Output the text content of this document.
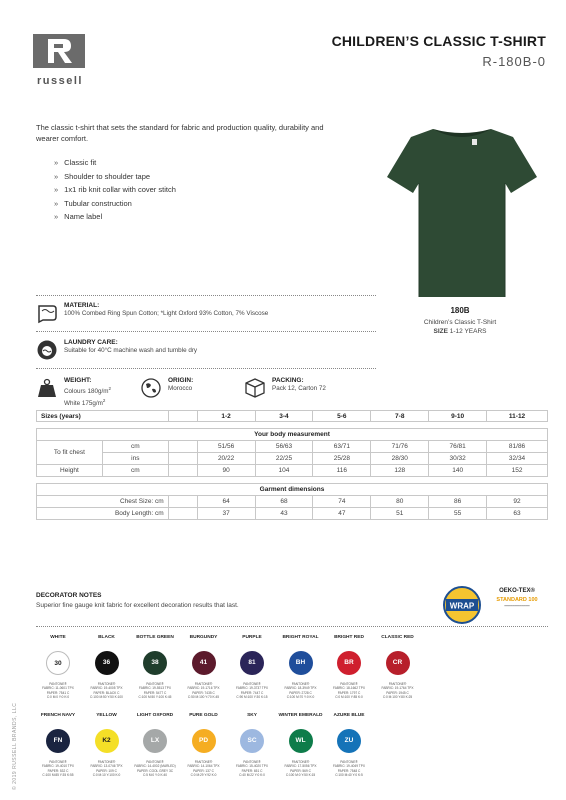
russell
CHILDREN’S CLASSIC T-SHIRT
R-180B-0

The classic t-shirt that sets the standard for fabric and production quality, durability and wearer comfort.

» Classic fit
» Shoulder to shoulder tape
» 1x1 rib knit collar with cover stitch
» Tubular construction
» Name label
180B
Children’s Classic T-Shirt
SIZE 1-12 YEARS
MATERIAL:
100% Combed Ring Spun Cotton; *Light Oxford 93% Cotton, 7% Viscose
LAUNDRY CARE:
Suitable for 40°C machine wash and tumble dry
WEIGHT:
Colours $180g/m^2$
White $175g/m^2$
ORIGIN:
Morocco
PACKING:
Pack 12, Carton 72
Sizes (years)			1-2	3-4	5-6	7-8	9-10	11-12

Your body measurement								
To fit chest	cm		51/56	56/63	63/71	71/76	76/81	81/86
	ins		20/22	22/25	25/28	28/30	30/32	32/34
Height	cm		90	104	116	128	140	152

Garment dimensions								
Chest Size: cm			64	68	74	80	86	92
Body Length: cm			37	43	47	51	55	63
DECORATOR NOTES
Superior fine gauge knit fabric for excellent decoration results that last.	WRAP
OEKO-TEX®
STANDARD 100
━━━━━━━━━━━━
WHITE
30
PANTONE®
FABRIC: 11-0601 TPX
PAPER: 7541 C
C:0 M:0 Y:0 K:0
BLACK
36
PANTONE®
FABRIC: 19-4005 TPX
PAPER: BLACK C
C:100 M:50 Y:50 K:100
BOTTLE GREEN
38
PANTONE®
FABRIC: 19-5513 TPX
PAPER: 5477 C
C:100 M:50 Y:100 K:45
BURGUNDY
41
PANTONE®
FABRIC: 19-1716 TPX
PAPER: 7435 C
C:50 M:100 Y:70 K:45
PURPLE
81
PANTONE®
FABRIC: 19-3737 TPX
PAPER: 7447 C
C:90 M:100 Y:30 K:15
BRIGHT ROYAL
BH
PANTONE®
FABRIC: 18-3949 TPX
PAPER: 2728 C
C:100 M:70 Y:0 K:0
BRIGHT RED
BR
PANTONE®
FABRIC: 18-1662 TPX
PAPER: 1797 C
C:0 M:100 Y:85 K:0
CLASSIC RED
CR
PANTONE®
FABRIC: 19-1764 TPX
PAPER: 1945 C
C:0 M:100 Y:80 K:25
FRENCH NAVY
FN
PANTONE®
FABRIC: 19-4010 TPX
PAPER: 532 C
C:100 M:85 Y:35 K:55
YELLOW
K2
PANTONE®
FABRIC: 13-0746 TPX
PAPER: 109 C
C:0 M:10 Y:100 K:0
LIGHT OXFORD
LX
PANTONE®
FABRIC: 14-4002 (MARLED)
PAPER: COOL GREY 3C
C:5 M:0 Y:0 K:40
PURE GOLD
PD
PANTONE®
FABRIC: 14-1064 TPX
PAPER: 137 C
C:0 M:29 Y:92 K:0
SKY
SC
PANTONE®
FABRIC: 15-4020 TPX
PAPER: 651 C
C:40 M:22 Y:0 K:0
WINTER EMERALD
WL
PANTONE®
FABRIC: 17-5056 TPX
PAPER: 569 C
C:100 M:0 Y:50 K:15
AZURE BLUE
ZU
PANTONE®
FABRIC: 19-4049 TPX
PAPER: 7548 C
C:100 M:40 Y:0 K:5
© 2019 RUSSELL BRANDS, LLC
